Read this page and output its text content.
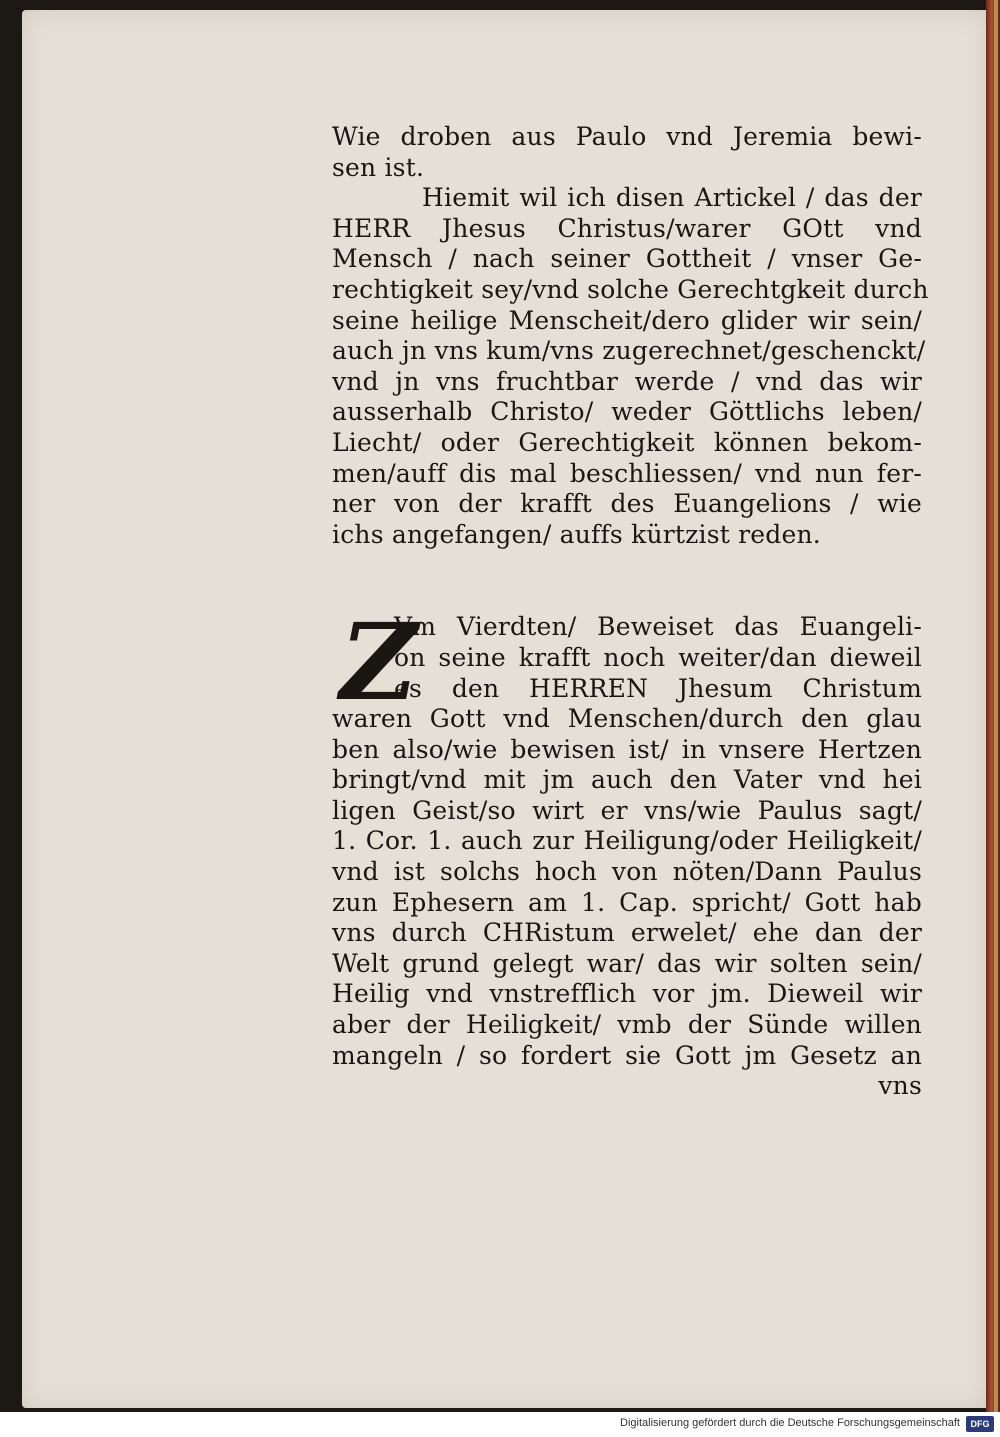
Wie droben aus Paulo vnd Jeremia bewi-
sen ist.
Hiemit wil ich disen Artickel / das der
HERR Jhesus Christus/warer GOtt vnd
Mensch / nach seiner Gottheit / vnser Ge-
rechtigkeit sey/vnd solche Gerechtgkeit durch
seine heilige Menscheit/dero glider wir sein/
auch jn vns kum/vns zugerechnet/geschenckt/
vnd jn vns fruchtbar werde / vnd das wir
ausserhalb Christo/ weder Göttlichs leben/
Liecht/ oder Gerechtigkeit können bekom-
men/auff dis mal beschliessen/ vnd nun fer-
ner von der krafft des Euangelions / wie
ichs angefangen/ auffs kürtzist reden.
Z
Vm Vierdten/ Beweiset das Euangeli-
on seine krafft noch weiter/dan dieweil
es den HERREN Jhesum Christum
waren Gott vnd Menschen/durch den glau
ben also/wie bewisen ist/ in vnsere Hertzen
bringt/vnd mit jm auch den Vater vnd hei
ligen Geist/so wirt er vns/wie Paulus sagt/
1. Cor. 1. auch zur Heiligung/oder Heiligkeit/
vnd ist solchs hoch von nöten/Dann Paulus
zun Ephesern am 1. Cap. spricht/ Gott hab
vns durch CHRistum erwelet/ ehe dan der
Welt grund gelegt war/ das wir solten sein/
Heilig vnd vnstrefflich vor jm. Dieweil wir
aber der Heiligkeit/ vmb der Sünde willen
mangeln / so fordert sie Gott jm Gesetz an
vns
Digitalisierung gefördert durch die Deutsche Forschungsgemeinschaft	DFG
